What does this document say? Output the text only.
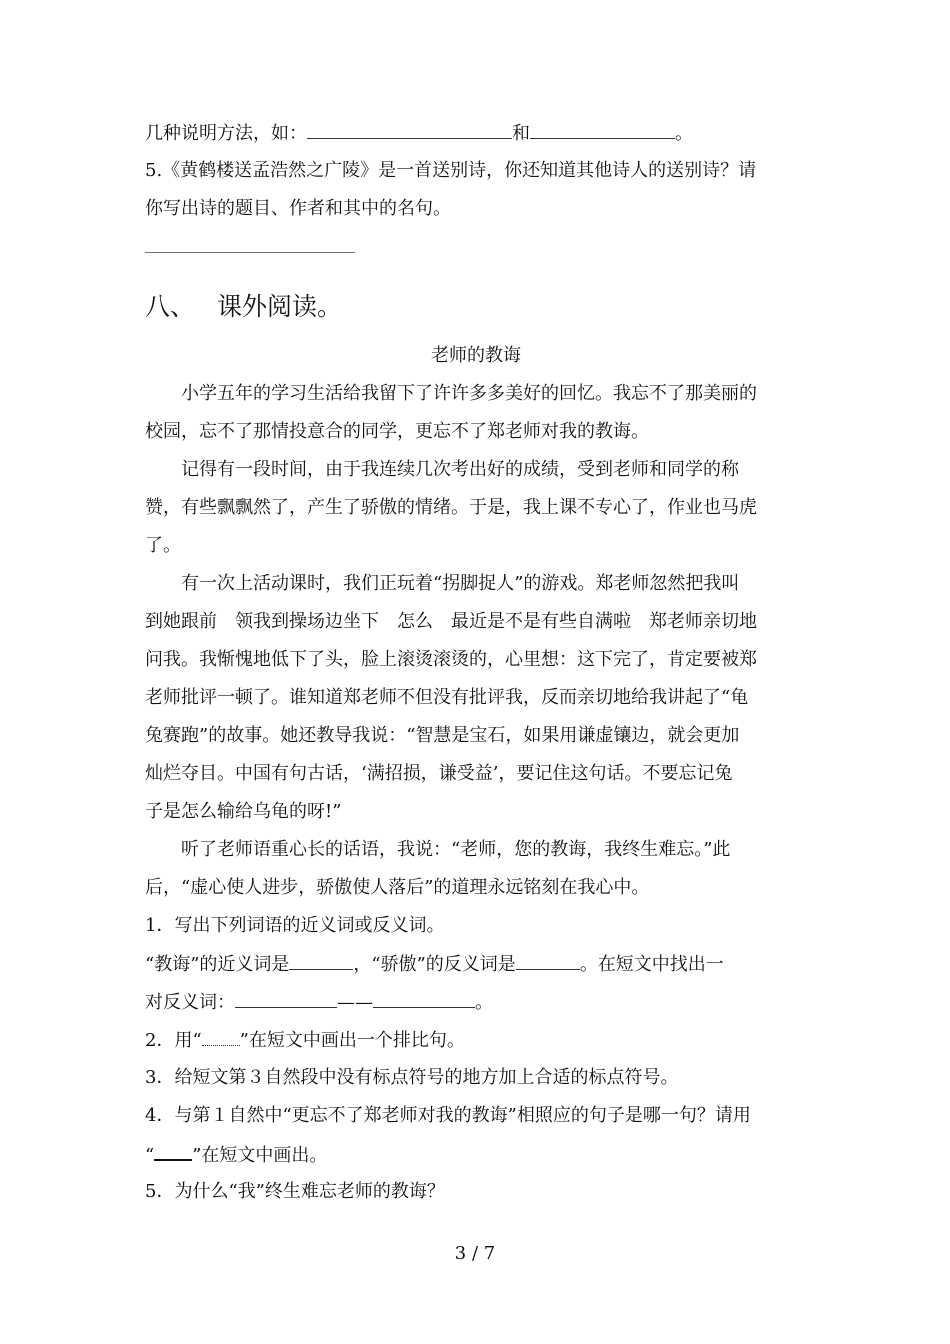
几种说明方法，如：	和	。
5.《黄鹤楼送孟浩然之广陵》是一首送别诗，你还知道其他诗人的送别诗？请
你写出诗的题目、作者和其中的名句。
八、 课外阅读。
老师的教诲
　　小学五年的学习生活给我留下了许许多多美好的回忆。我忘不了那美丽的
校园，忘不了那情投意合的同学，更忘不了郑老师对我的教诲。
　　记得有一段时间，由于我连续几次考出好的成绩，受到老师和同学的称
赞，有些飘飘然了，产生了骄傲的情绪。于是，我上课不专心了，作业也马虎
了。
　　有一次上活动课时，我们正玩着“拐脚捉人”的游戏。郑老师忽然把我叫
到她跟前　领我到操场边坐下　怎么　最近是不是有些自满啦　郑老师亲切地
问我。我惭愧地低下了头，脸上滚烫滚烫的，心里想：这下完了，肯定要被郑
老师批评一顿了。谁知道郑老师不但没有批评我，反而亲切地给我讲起了“龟
兔赛跑”的故事。她还教导我说：“智慧是宝石，如果用谦虚镶边，就会更加
灿烂夺目。中国有句古话，‘满招损，谦受益’，要记住这句话。不要忘记兔
子是怎么输给乌龟的呀!”
　　听了老师语重心长的话语，我说：“老师，您的教诲，我终生难忘。”此
后，“虚心使人进步，骄傲使人落后”的道理永远铭刻在我心中。
1．写出下列词语的近义词或反义词。
“教诲”的近义词是	，“骄傲”的反义词是	。在短文中找出一
对反义词：	——	。
2．用“ ”在短文中画出一个排比句。
3．给短文第３自然段中没有标点符号的地方加上合适的标点符号。
4．与第１自然中“更忘不了郑老师对我的教诲”相照应的句子是哪一句？请用
“ ”在短文中画出。
5．为什么“我”终生难忘老师的教诲？
3 / 7
